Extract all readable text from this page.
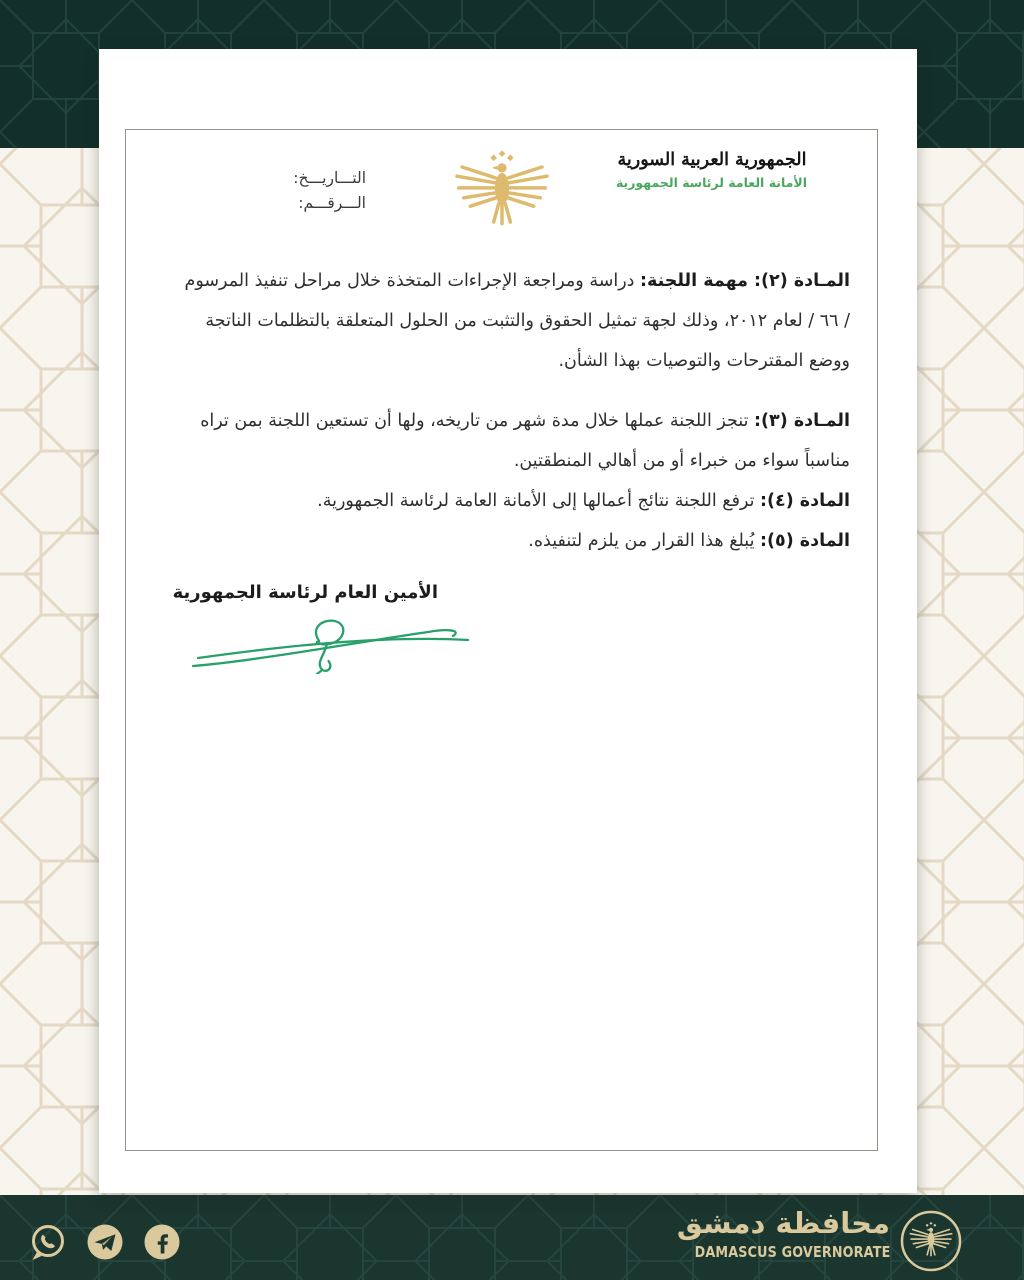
محافظة دمشق
DAMASCUS GOVERNORATE
التـــاريـــخ:
الـــرقـــم:
الجمهورية العربية السورية
الأمانة العامة لرئاسة الجمهورية
المـادة (٢): مهمة اللجنة: دراسة ومراجعة الإجراءات المتخذة خلال مراحل تنفيذ المرسوم
/ ٦٦ / لعام ٢٠١٢، وذلك لجهة تمثيل الحقوق والتثبت من الحلول المتعلقة بالتظلمات الناتجة
ووضع المقترحات والتوصيات بهذا الشأن.
المـادة (٣): تنجز اللجنة عملها خلال مدة شهر من تاريخه، ولها أن تستعين اللجنة بمن تراه
مناسباً سواء من خبراء أو من أهالي المنطقتين.
المادة (٤): ترفع اللجنة نتائج أعمالها إلى الأمانة العامة لرئاسة الجمهورية.
المادة (٥): يُبلغ هذا القرار من يلزم لتنفيذه.
الأمين العام لرئاسة الجمهورية
